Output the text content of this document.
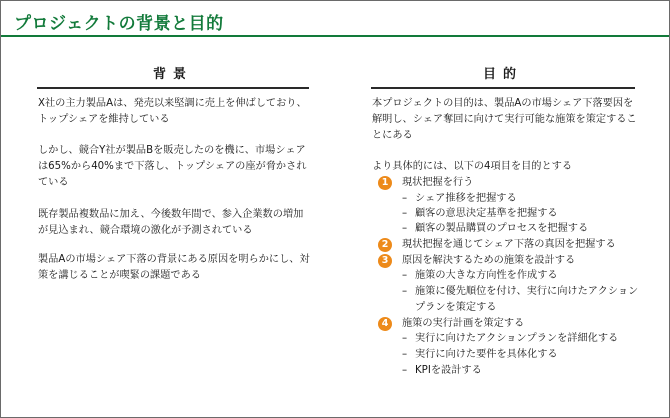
プロジェクトの背景と目的
背景
X社の主力製品Aは、発売以来堅調に売上を伸ばしており、トップシェアを維持している
しかし、競合Y社が製品Bを販売したのを機に、市場シェアは65%から40%まで下落し、トップシェアの座が脅かされている
既存製品複数品に加え、今後数年間で、参入企業数の増加が見込まれ、競合環境の激化が予測されている
製品Aの市場シェア下落の背景にある原因を明らかにし、対策を講じることが喫緊の課題である
目的
本プロジェクトの目的は、製品Aの市場シェア下落要因を解明し、シェア奪回に向けて実行可能な施策を策定することにある
より具体的には、以下の4項目を目的とする
1	現状把握を行う
– シェア推移を把握する
– 顧客の意思決定基準を把握する
– 顧客の製品購買のプロセスを把握する
2	現状把握を通じてシェア下落の真因を把握する
3	原因を解決するための施策を設計する
– 施策の大きな方向性を作成する
– 施策に優先順位を付け、実行に向けたアクションプランを策定する
4	施策の実行計画を策定する
– 実行に向けたアクションプランを詳細化する
– 実行に向けた要件を具体化する
– KPIを設計する
